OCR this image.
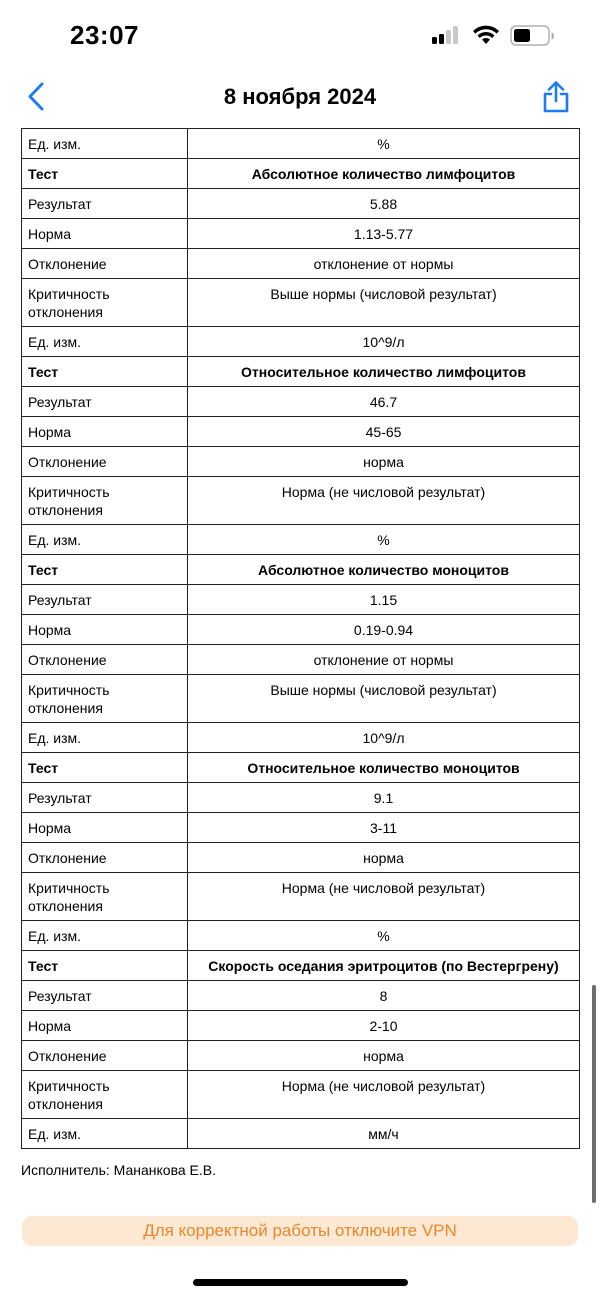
23:07
8 ноября 2024
Ед. изм.	%
Тест	Абсолютное количество лимфоцитов
Результат	5.88
Норма	1.13-5.77
Отклонение	отклонение от нормы
Критичность отклонения	Выше нормы (числовой результат)
Ед. изм.	10^9/л
Тест	Относительное количество лимфоцитов
Результат	46.7
Норма	45-65
Отклонение	норма
Критичность отклонения	Норма (не числовой результат)
Ед. изм.	%
Тест	Абсолютное количество моноцитов
Результат	1.15
Норма	0.19-0.94
Отклонение	отклонение от нормы
Критичность отклонения	Выше нормы (числовой результат)
Ед. изм.	10^9/л
Тест	Относительное количество моноцитов
Результат	9.1
Норма	3-11
Отклонение	норма
Критичность отклонения	Норма (не числовой результат)
Ед. изм.	%
Тест	Скорость оседания эритроцитов (по Вестергрену)
Результат	8
Норма	2-10
Отклонение	норма
Критичность отклонения	Норма (не числовой результат)
Ед. изм.	мм/ч
Исполнитель: Мананкова Е.В.
Для корректной работы отключите VPN
